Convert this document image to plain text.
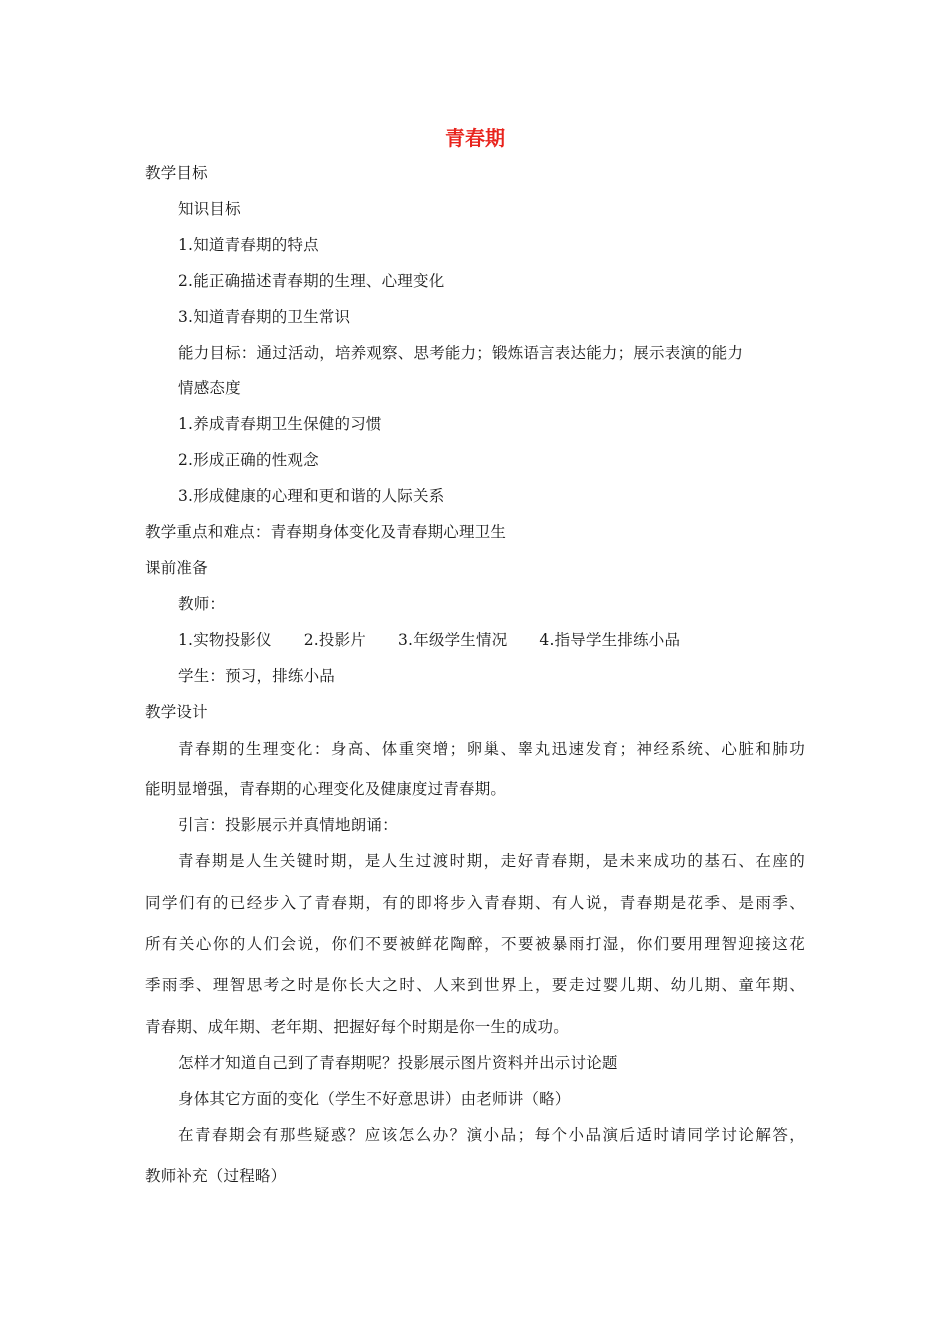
青春期
教学目标
知识目标
1.知道青春期的特点
2.能正确描述青春期的生理、心理变化
3.知道青春期的卫生常识
能力目标：通过活动，培养观察、思考能力；锻炼语言表达能力；展示表演的能力
情感态度
1.养成青春期卫生保健的习惯
2.形成正确的性观念
3.形成健康的心理和更和谐的人际关系
教学重点和难点：青春期身体变化及青春期心理卫生
课前准备
教师：
1.实物投影仪 2.投影片 3.年级学生情况 4.指导学生排练小品
学生：预习，排练小品
教学设计
青春期的生理变化：身高、体重突增；卵巢、睾丸迅速发育；神经系统、心脏和肺功
能明显增强，青春期的心理变化及健康度过青春期。
引言：投影展示并真情地朗诵：
青春期是人生关键时期，是人生过渡时期，走好青春期，是未来成功的基石、在座的
同学们有的已经步入了青春期，有的即将步入青春期、有人说，青春期是花季、是雨季、
所有关心你的人们会说，你们不要被鲜花陶醉，不要被暴雨打湿，你们要用理智迎接这花
季雨季、理智思考之时是你长大之时、人来到世界上，要走过婴儿期、幼儿期、童年期、
青春期、成年期、老年期、把握好每个时期是你一生的成功。
怎样才知道自己到了青春期呢？投影展示图片资料并出示讨论题
身体其它方面的变化（学生不好意思讲）由老师讲（略）
在青春期会有那些疑惑？应该怎么办？演小品；每个小品演后适时请同学讨论解答，
教师补充（过程略）
